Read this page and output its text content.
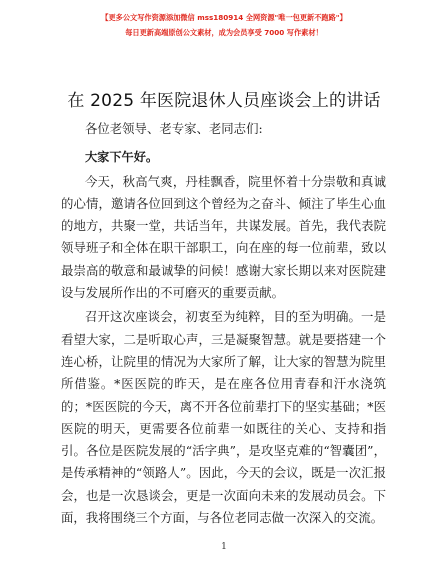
【更多公文写作资源添加微信 mss180914 全网资源"唯一包更新不跑路"】
每日更新高端原创公文素材，成为会员享受 7000 写作素材！
在 2025 年医院退休人员座谈会上的讲话

各位老领导、老专家、老同志们:

大家下午好。

今天，秋高气爽，丹桂飘香，院里怀着十分崇敬和真诚的心情，邀请各位回到这个曾经为之奋斗、倾注了毕生心血的地方，共聚一堂，共话当年，共谋发展。首先，我代表院领导班子和全体在职干部职工，向在座的每一位前辈，致以最崇高的敬意和最诚挚的问候！感谢大家长期以来对医院建设与发展所作出的不可磨灭的重要贡献。

召开这次座谈会，初衷至为纯粹，目的至为明确。一是看望大家，二是听取心声，三是凝聚智慧。就是要搭建一个连心桥，让院里的情况为大家所了解，让大家的智慧为院里所借鉴。*医医院的昨天，是在座各位用青春和汗水浇筑的；*医医院的今天，离不开各位前辈打下的坚实基础；*医医院的明天，更需要各位前辈一如既往的关心、支持和指引。各位是医院发展的“活字典”，是攻坚克难的“智囊团”，是传承精神的“领路人”。因此，今天的会议，既是一次汇报会，也是一次恳谈会，更是一次面向未来的发展动员会。下面，我将围绕三个方面，与各位老同志做一次深入的交流。

1
